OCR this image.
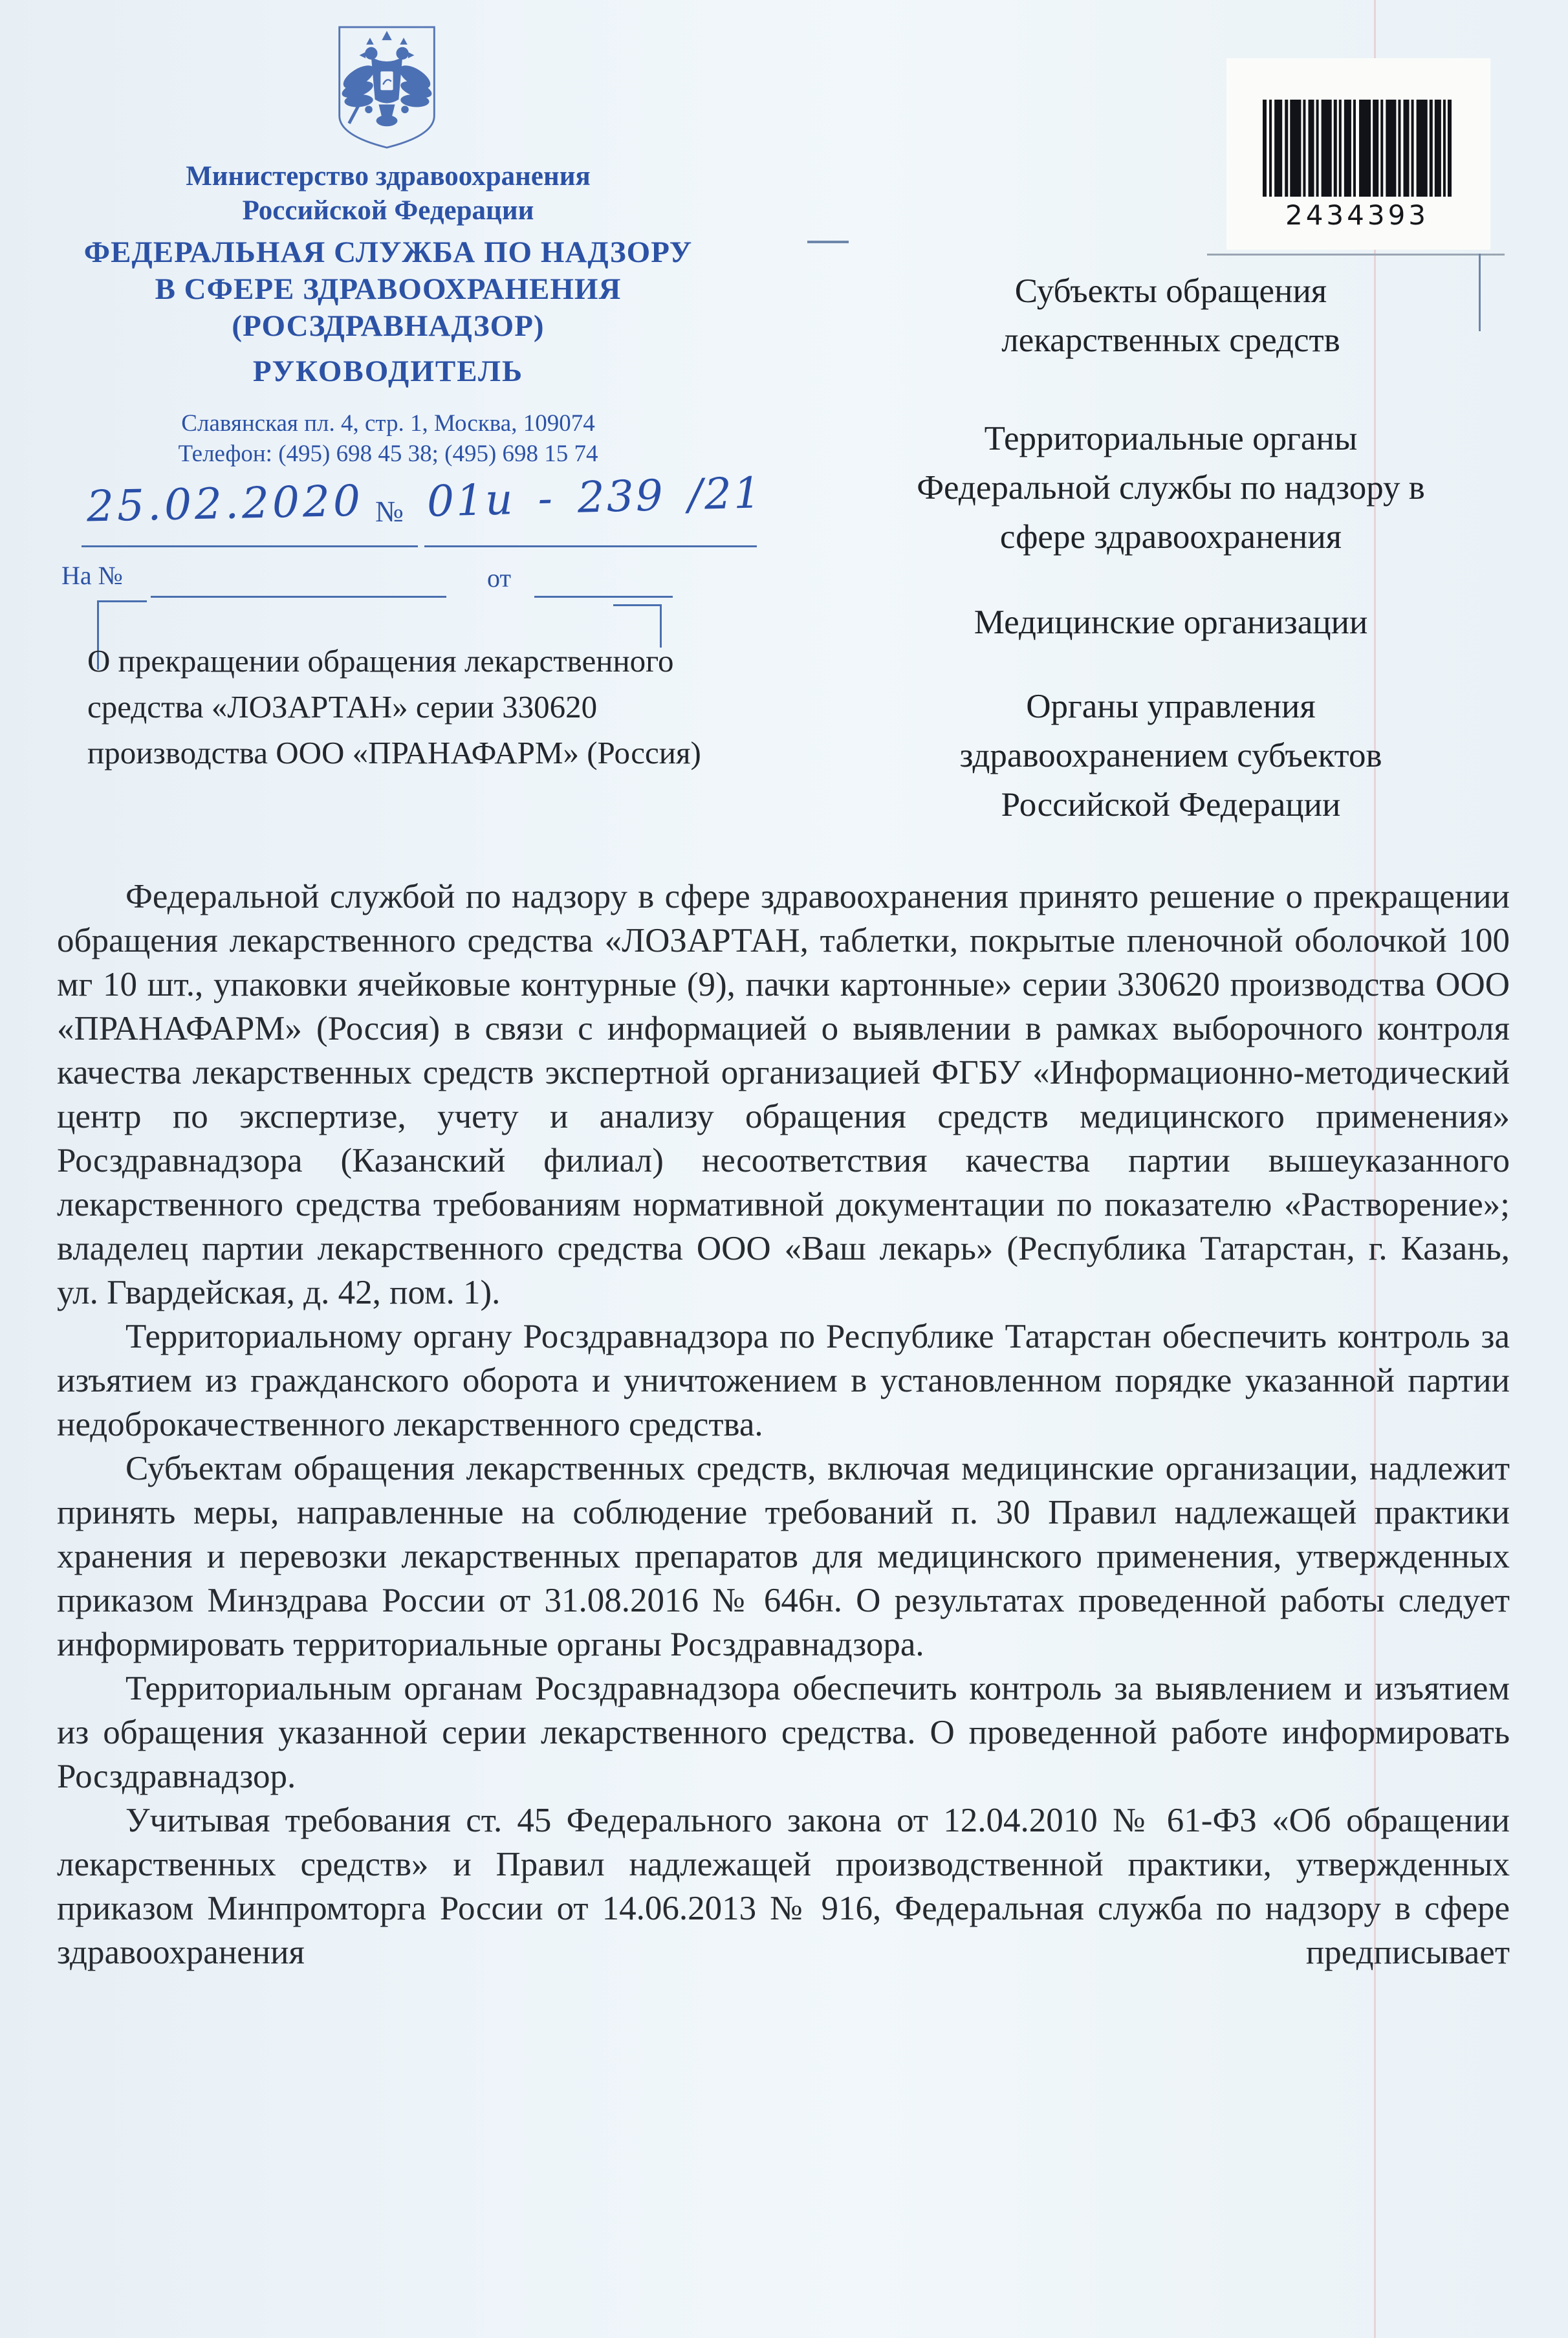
Министерство здравоохранения
Российской Федерации
ФЕДЕРАЛЬНАЯ СЛУЖБА ПО НАДЗОРУ
В СФЕРЕ ЗДРАВООХРАНЕНИЯ
(РОСЗДРАВНАДЗОР)
РУКОВОДИТЕЛЬ
Славянская пл. 4, стр. 1, Москва, 109074
Телефон: (495) 698 45 38; (495) 698 15 74
2434393
25.02.2020 № 01и - 239 /21
На №	от
О прекращении обращения лекарственного
средства «ЛОЗАРТАН» серии 330620
производства ООО «ПРАНАФАРМ» (Россия)
Субъекты обращения
лекарственных средств
Территориальные органы
Федеральной службы по надзору в
сфере здравоохранения
Медицинские организации
Органы управления
здравоохранением субъектов
Российской Федерации

Федеральной службой по надзору в сфере здравоохранения принято решение о прекращении обращения лекарственного средства «ЛОЗАРТАН, таблетки, покрытые пленочной оболочкой 100 мг 10 шт., упаковки ячейковые контурные (9), пачки картонные» серии 330620 производства ООО «ПРАНАФАРМ» (Россия) в связи с информацией о выявлении в рамках выборочного контроля качества лекарственных средств экспертной организацией ФГБУ «Информационно-методический центр по экспертизе, учету и анализу обращения средств медицинского применения» Росздравнадзора (Казанский филиал) несоответствия качества партии вышеуказанного лекарственного средства требованиям нормативной документации по показателю «Растворение»; владелец партии лекарственного средства ООО «Ваш лекарь» (Республика Татарстан, г. Казань, ул. Гвардейская, д. 42, пом. 1).

Территориальному органу Росздравнадзора по Республике Татарстан обеспечить контроль за изъятием из гражданского оборота и уничтожением в установленном порядке указанной партии недоброкачественного лекарственного средства.

Субъектам обращения лекарственных средств, включая медицинские организации, надлежит принять меры, направленные на соблюдение требований п. 30 Правил надлежащей практики хранения и перевозки лекарственных препаратов для медицинского применения, утвержденных приказом Минздрава России от 31.08.2016 № 646н. О результатах проведенной работы следует информировать территориальные органы Росздравнадзора.

Территориальным органам Росздравнадзора обеспечить контроль за выявлением и изъятием из обращения указанной серии лекарственного средства. О проведенной работе информировать Росздравнадзор.

Учитывая требования ст. 45 Федерального закона от 12.04.2010 № 61-ФЗ «Об обращении лекарственных средств» и Правил надлежащей производственной практики, утвержденных приказом Минпромторга России от 14.06.2013 № 916, Федеральная служба по надзору в сфере здравоохранения предписывает
